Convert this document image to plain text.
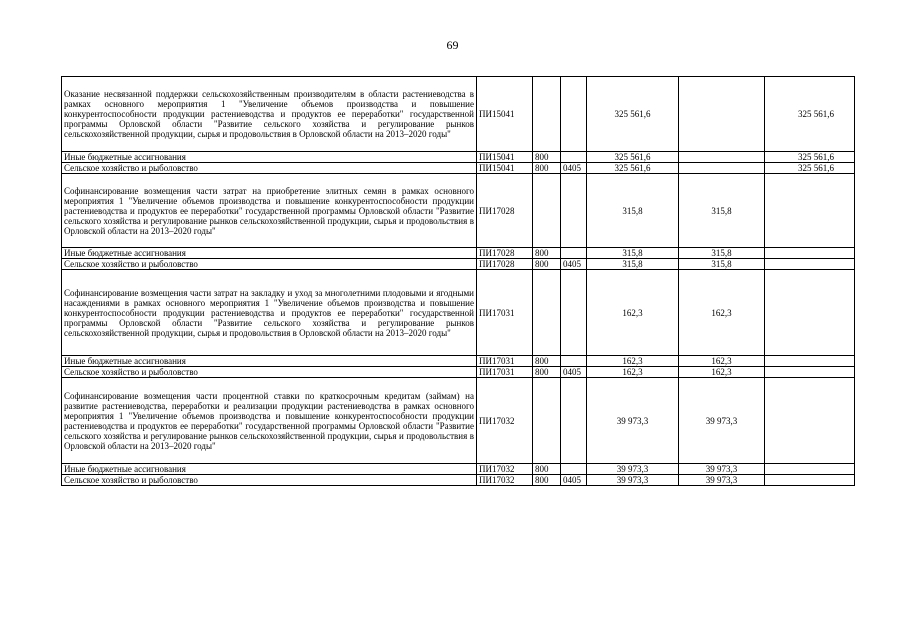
69
Оказание несвязанной поддержки сельскохозяйственным производителям в области растениеводства в рамках основного мероприятия 1 "Увеличение объемов производства и повышение конкурентоспособности продукции растениеводства и продуктов ее переработки" государственной программы Орловской области "Развитие сельского хозяйства и регулирование рынков сельскохозяйственной продукции, сырья и продовольствия в Орловской области на 2013–2020 годы"	ПИ15041			325 561,6		325 561,6
Иные бюджетные ассигнования	ПИ15041	800		325 561,6		325 561,6
Сельское хозяйство и рыболовство	ПИ15041	800	0405	325 561,6		325 561,6
Софинансирование возмещения части затрат на приобретение элитных семян в рамках основного мероприятия 1 "Увеличение объемов производства и повышение конкурентоспособности продукции растениеводства и продуктов ее переработки" государственной программы Орловской области "Развитие сельского хозяйства и регулирование рынков сельскохозяйственной продукции, сырья и продовольствия в Орловской области на 2013–2020 годы"	ПИ17028			315,8	315,8	
Иные бюджетные ассигнования	ПИ17028	800		315,8	315,8	
Сельское хозяйство и рыболовство	ПИ17028	800	0405	315,8	315,8	
Софинансирование возмещения части затрат на закладку и уход за многолетними плодовыми и ягодными насаждениями в рамках основного мероприятия 1 "Увеличение объемов производства и повышение конкурентоспособности продукции растениеводства и продуктов ее переработки" государственной программы Орловской области "Развитие сельского хозяйства и регулирование рынков сельскохозяйственной продукции, сырья и продовольствия в Орловской области на 2013–2020 годы"	ПИ17031			162,3	162,3	
Иные бюджетные ассигнования	ПИ17031	800		162,3	162,3	
Сельское хозяйство и рыболовство	ПИ17031	800	0405	162,3	162,3	
Софинансирование возмещения части процентной ставки по краткосрочным кредитам (займам) на развитие растениеводства, переработки и реализации продукции растениеводства в рамках основного мероприятия 1 "Увеличение объемов производства и повышение конкурентоспособности продукции растениеводства и продуктов ее переработки" государственной программы Орловской области "Развитие сельского хозяйства и регулирование рынков сельскохозяйственной продукции, сырья и продовольствия в Орловской области на 2013–2020 годы"	ПИ17032			39 973,3	39 973,3	
Иные бюджетные ассигнования	ПИ17032	800		39 973,3	39 973,3	
Сельское хозяйство и рыболовство	ПИ17032	800	0405	39 973,3	39 973,3	
